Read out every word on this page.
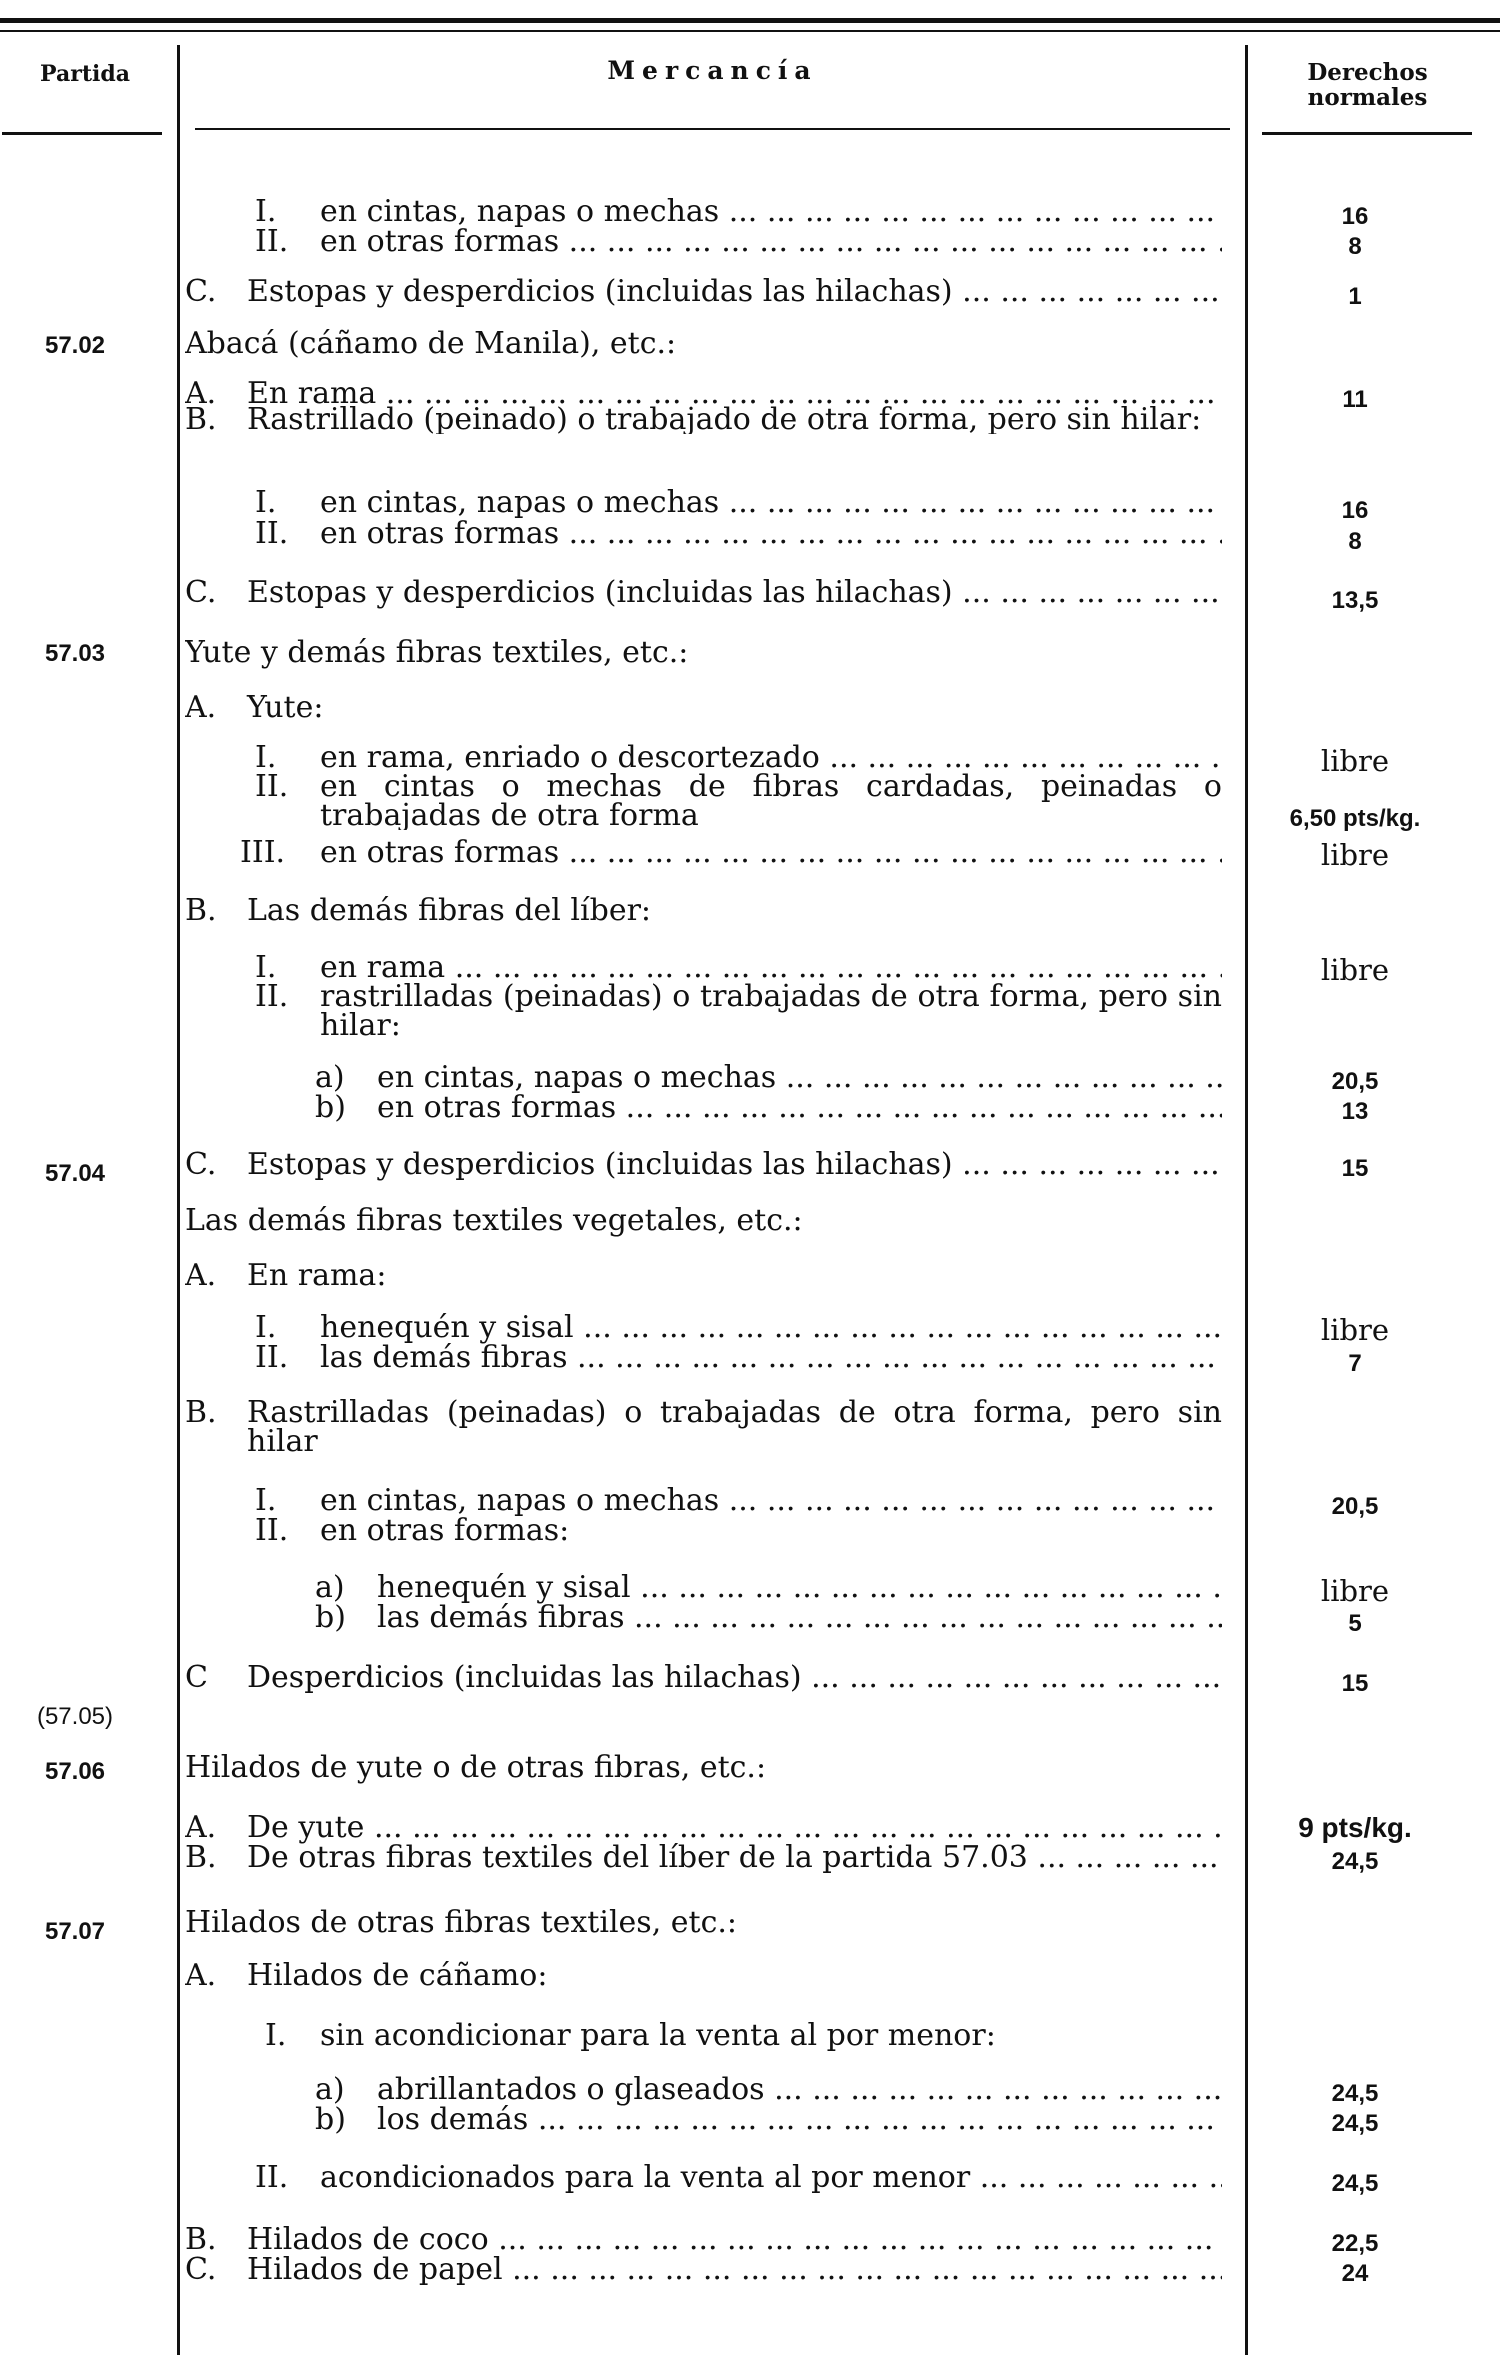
Partida	Mercancía	Derechos normales
57.02
57.03
57.04
(57.05)
57.06
57.07
I. en cintas, napas o mechas ... .
II. en otras formas ... .
C. Estopas y desperdicios (incluidas las hilachas) ... .
Abacá (cáñamo de Manila), etc.:
A. En rama ... .
B. Rastrillado (peinado) o trabajado de otra forma, pero sin hilar:
I. en cintas, napas o mechas ... .
II. en otras formas ... .
C. Estopas y desperdicios (incluidas las hilachas) ... .
Yute y demás fibras textiles, etc.:
A. Yute:
I. en rama, enriado o descortezado ... .
II. en cintas o mechas de fibras cardadas, peinadas o trabajadas de otra forma
III. en otras formas ... .
B. Las demás fibras del líber:
I. en rama ... .
II. rastrilladas (peinadas) o trabajadas de otra forma, pero sin hilar:
a) en cintas, napas o mechas ... .
b) en otras formas ... .
C. Estopas y desperdicios (incluidas las hilachas) ... .
Las demás fibras textiles vegetales, etc.:
A. En rama:
I. henequén y sisal ... .
II. las demás fibras ... .
B. Rastrilladas (peinadas) o trabajadas de otra forma, pero sin hilar
I. en cintas, napas o mechas ... .
II. en otras formas:
a) henequén y sisal ... .
b) las demás fibras ... .
C Desperdicios (incluidas las hilachas) ... .
Hilados de yute o de otras fibras, etc.:
A. De yute ... .
B. De otras fibras textiles del líber de la partida 57.03 ... .
Hilados de otras fibras textiles, etc.:
A. Hilados de cáñamo:
I. sin acondicionar para la venta al por menor:
a) abrillantados o glaseados ... .
b) los demás ... .
II. acondicionados para la venta al por menor ... .
B. Hilados de coco ... .
C. Hilados de papel ... .
16
8
1
11
16
8
13,5
libre
6,50 pts/kg.
libre
libre
20,5
13
15
libre
7
20,5
libre
5
15
9 pts/kg.
24,5
24,5
24,5
24,5
22,5
24
